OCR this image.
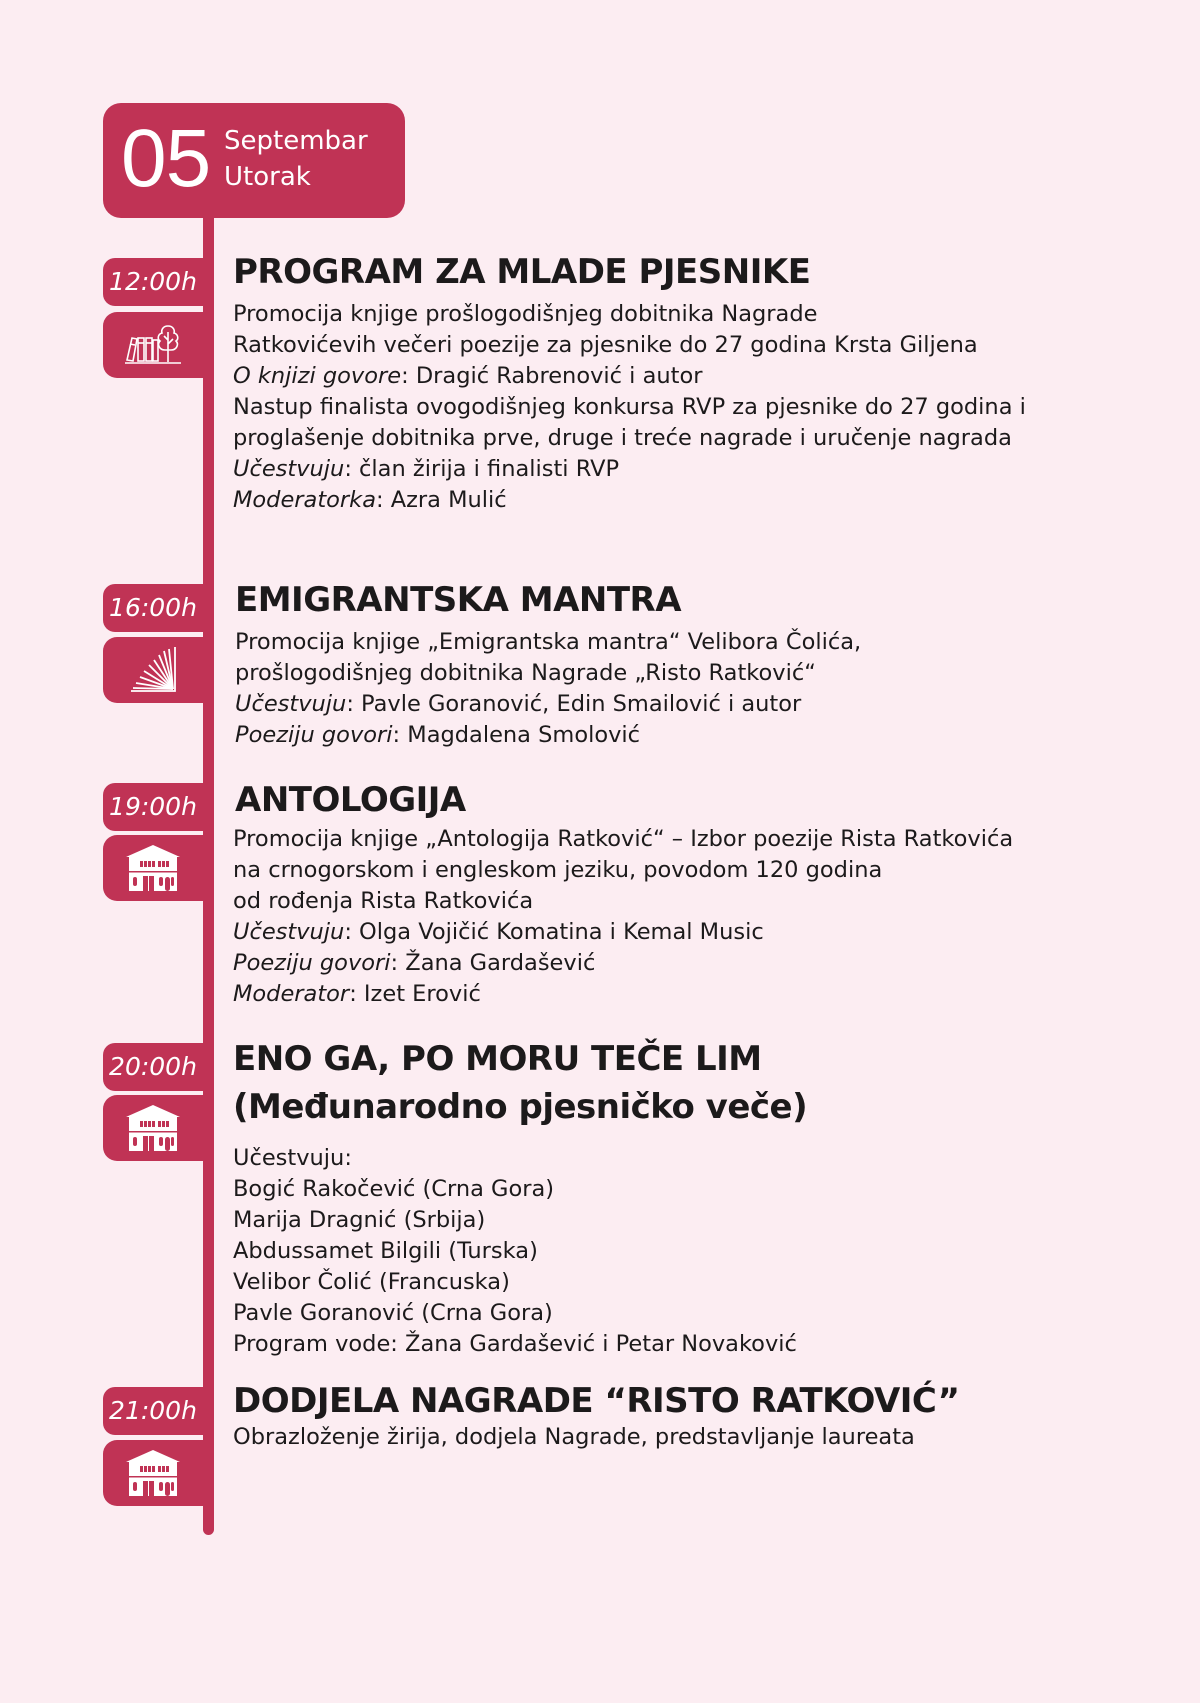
05 Septembar
Utorak
12:00h PROGRAM ZA MLADE PJESNIKE
Promocija knjige prošlogodišnjeg dobitnika Nagrade
Ratkovićevih večeri poezije za pjesnike do 27 godina Krsta Giljena
O knjizi govore: Dragić Rabrenović i autor
Nastup finalista ovogodišnjeg konkursa RVP za pjesnike do 27 godina i
proglašenje dobitnika prve, druge i treće nagrade i uručenje nagrada
Učestvuju: član žirija i finalisti RVP
Moderatorka: Azra Mulić
16:00h EMIGRANTSKA MANTRA
Promocija knjige „Emigrantska mantra“ Velibora Čolića,
prošlogodišnjeg dobitnika Nagrade „Risto Ratković“
Učestvuju: Pavle Goranović, Edin Smailović i autor
Poeziju govori: Magdalena Smolović
19:00h ANTOLOGIJA
Promocija knjige „Antologija Ratković“ – Izbor poezije Rista Ratkovića
na crnogorskom i engleskom jeziku, povodom 120 godina
od rođenja Rista Ratkovića
Učestvuju: Olga Vojičić Komatina i Kemal Music
Poeziju govori: Žana Gardašević
Moderator: Izet Erović
20:00h ENO GA, PO MORU TEČE LIM
(Međunarodno pjesničko veče)
Učestvuju:
Bogić Rakočević (Crna Gora)
Marija Dragnić (Srbija)
Abdussamet Bilgili (Turska)
Velibor Čolić (Francuska)
Pavle Goranović (Crna Gora)
Program vode: Žana Gardašević i Petar Novaković
21:00h DODJELA NAGRADE “RISTO RATKOVIĆ”
Obrazloženje žirija, dodjela Nagrade, predstavljanje laureata
